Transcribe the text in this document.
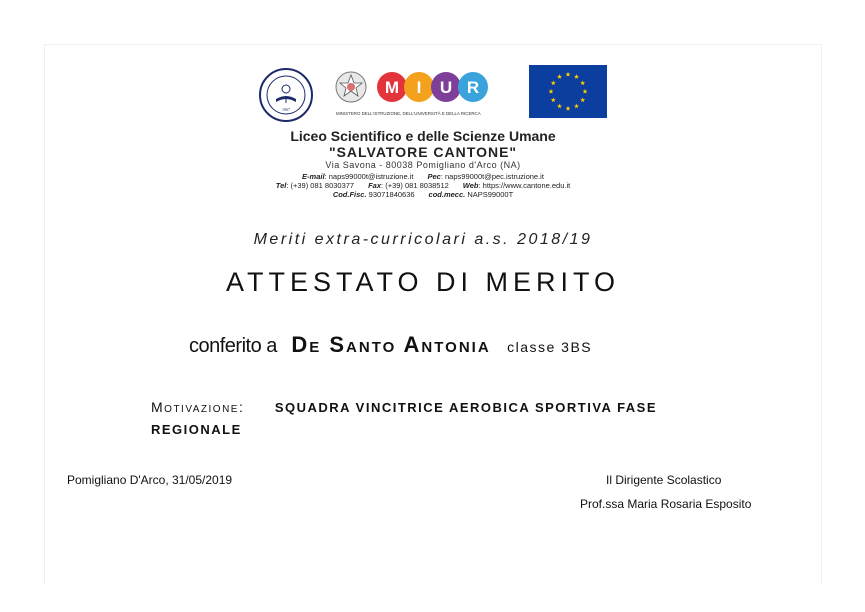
1967
M I U R
MINISTERO DELL'ISTRUZIONE, DELL'UNIVERSITÀ E DELLA RICERCA
Liceo Scientifico e delle Scienze Umane
"SALVATORE CANTONE"
Via Savona - 80038 Pomigliano d'Arco (NA)
E-mail: naps99000t@istruzione.it Pec: naps99000t@pec.istruzione.it
Tel: (+39) 081 8030377 Fax: (+39) 081 8038512 Web: https://www.cantone.edu.it
Cod.Fisc. 93071840636 cod.mecc. NAPS99000T
Meriti extra-curricolari a.s. 2018/19
ATTESTATO DI MERITO
conferito a De Santo Antonia classe 3BS
Motivazione: SQUADRA VINCITRICE AEROBICA SPORTIVA FASE REGIONALE
Pomigliano D'Arco, 31/05/2019	Il Dirigente Scolastico
Prof.ssa Maria Rosaria Esposito
